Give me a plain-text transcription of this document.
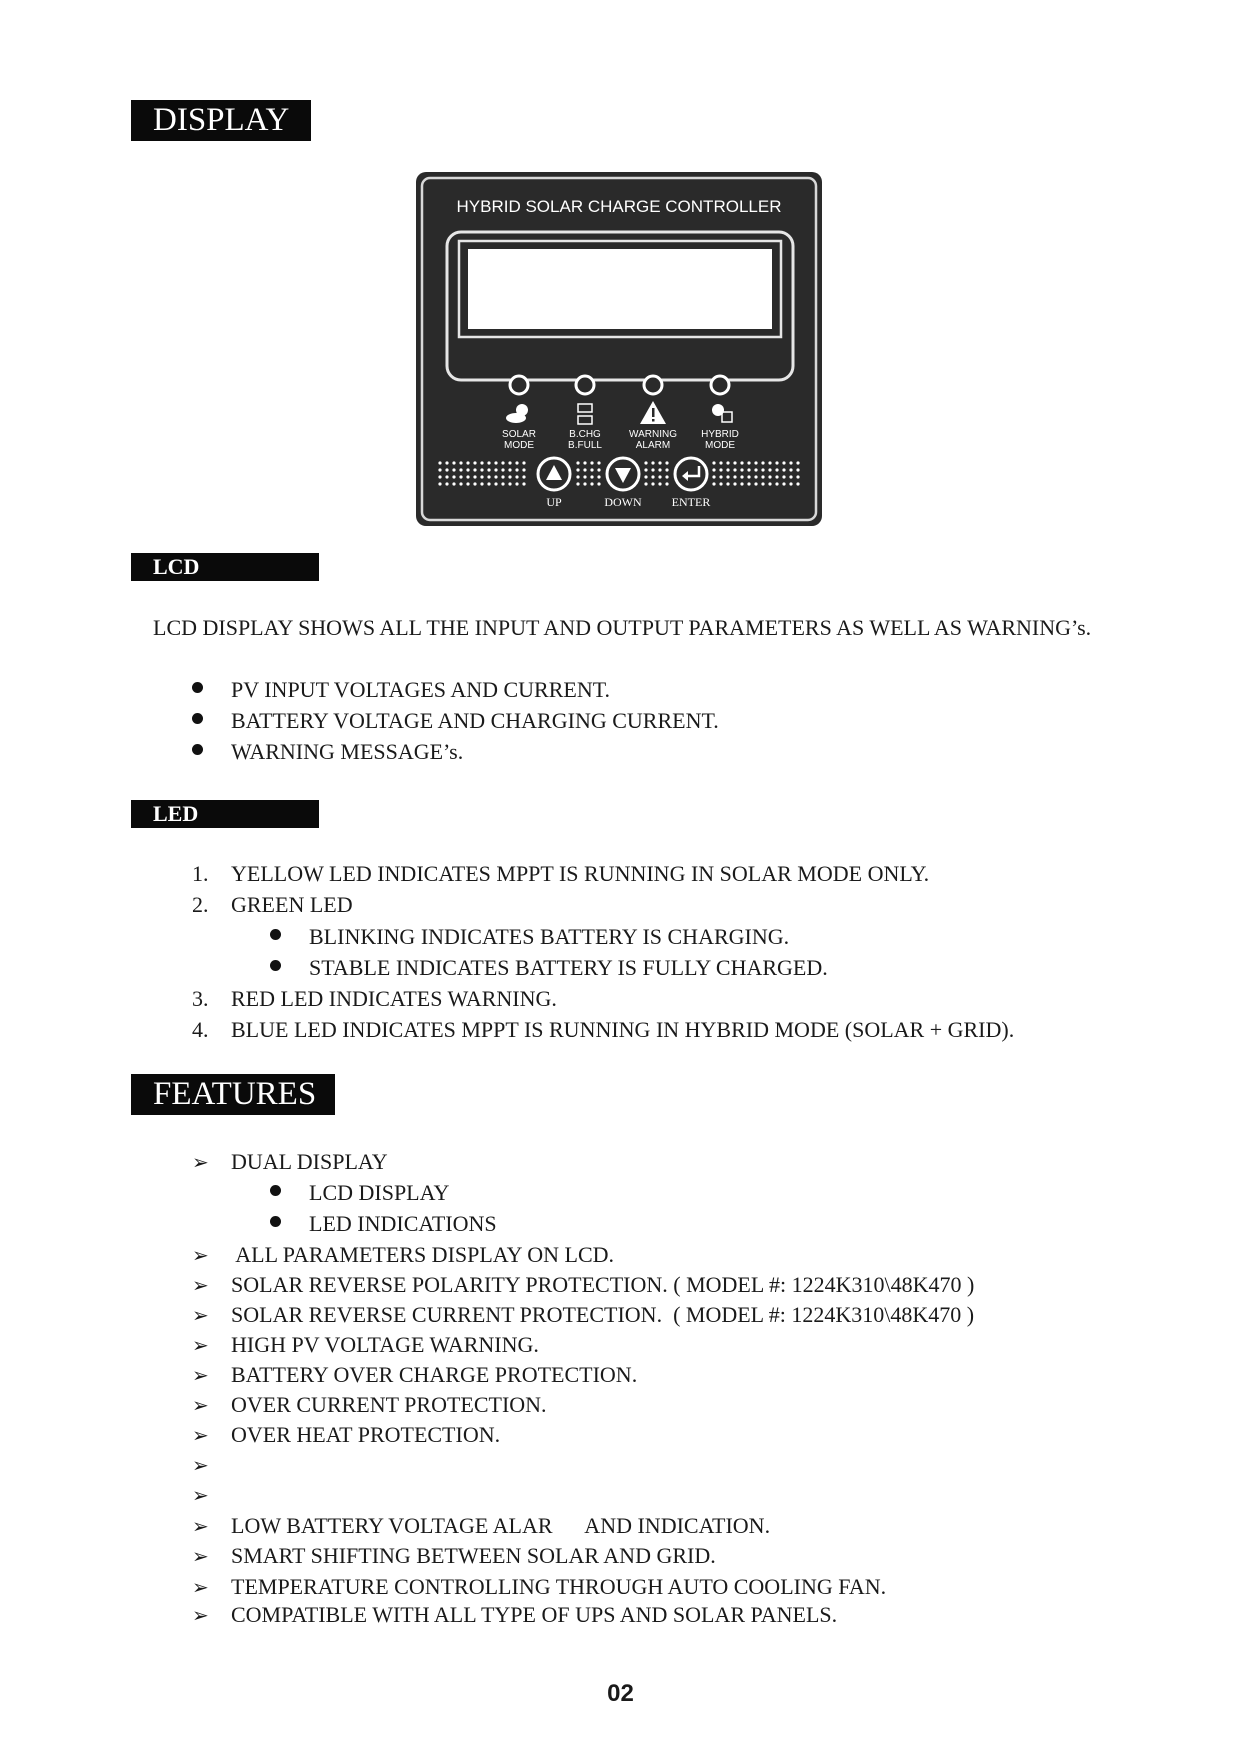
DISPLAY
HYBRID SOLAR CHARGE CONTROLLER
SOLAR
MODE
B.CHG
B.FULL
WARNING
ALARM
HYBRID
MODE
UP	DOWN	ENTER
LCD DISPLAY
LCD DISPLAY SHOWS ALL THE INPUT AND OUTPUT PARAMETERS AS WELL AS WARNING’s.
PV INPUT VOLTAGES AND CURRENT.
BATTERY VOLTAGE AND CHARGING CURRENT.
WARNING MESSAGE’s.
LED DISPLAY
1. YELLOW LED INDICATES MPPT IS RUNNING IN SOLAR MODE ONLY.
2. GREEN LED
BLINKING INDICATES BATTERY IS CHARGING.
STABLE INDICATES BATTERY IS FULLY CHARGED.
3. RED LED INDICATES WARNING.
4. BLUE LED INDICATES MPPT IS RUNNING IN HYBRID MODE (SOLAR + GRID).
FEATURES
➢ DUAL DISPLAY
LCD DISPLAY
LED INDICATIONS
➢ ALL PARAMETERS DISPLAY ON LCD.
➢ SOLAR REVERSE POLARITY PROTECTION. ( MODEL #: 1224K310\48K470 )
➢ SOLAR REVERSE CURRENT PROTECTION.  ( MODEL #: 1224K310\48K470 )
➢ HIGH PV VOLTAGE WARNING.
➢ BATTERY OVER CHARGE PROTECTION.
➢ OVER CURRENT PROTECTION.
➢ OVER HEAT PROTECTION.
➢
➢
➢ LOW BATTERY VOLTAGE ALAR      AND INDICATION.
➢ SMART SHIFTING BETWEEN SOLAR AND GRID.
➢ TEMPERATURE CONTROLLING THROUGH AUTO COOLING FAN.
➢ COMPATIBLE WITH ALL TYPE OF UPS AND SOLAR PANELS.
02
